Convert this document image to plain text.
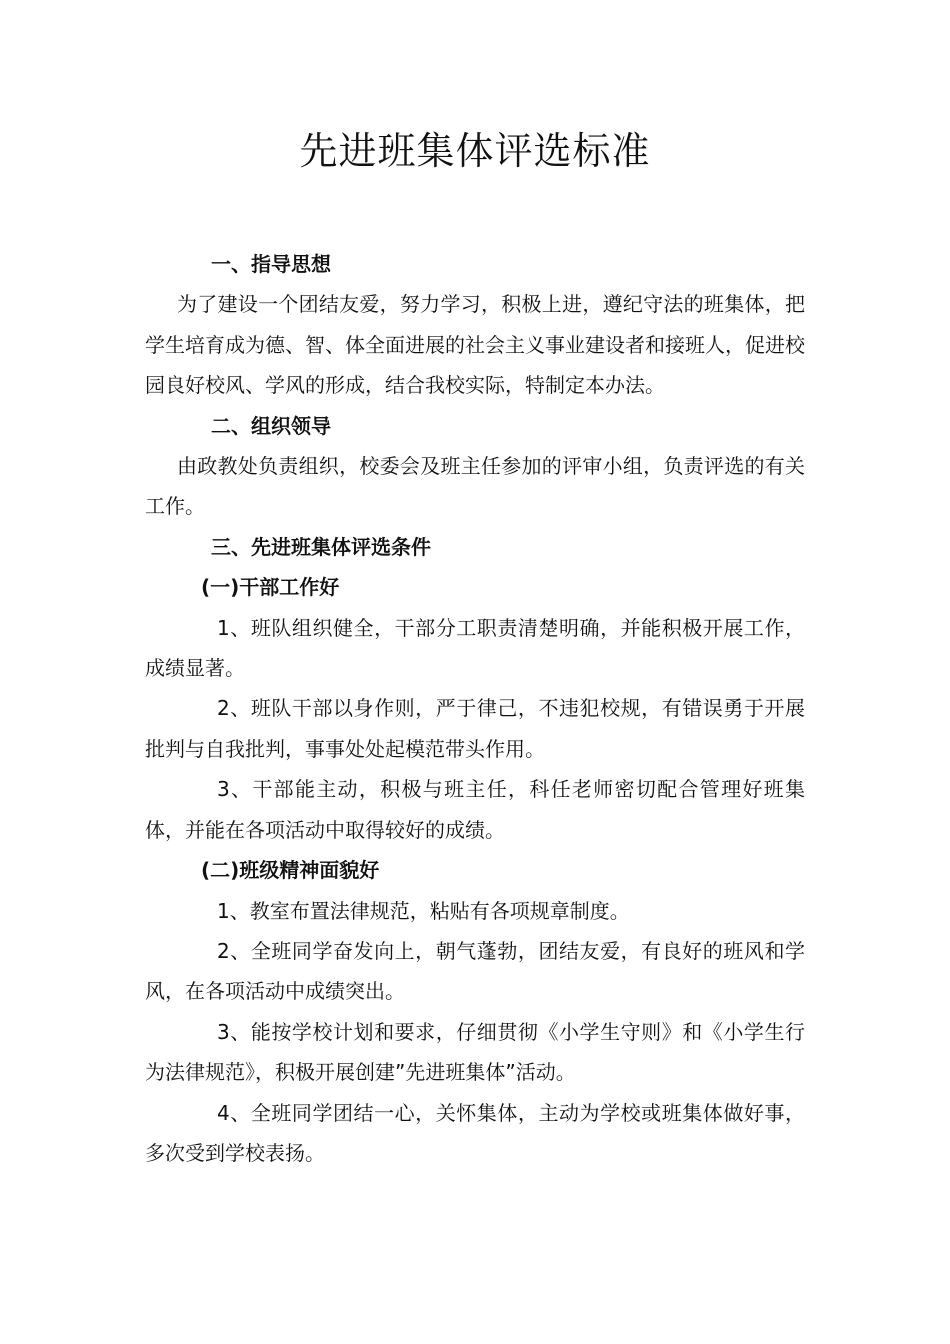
先进班集体评选标准

一、指导思想

为了建设一个团结友爱，努力学习，积极上进，遵纪守法的班集体，把学生培育成为德、智、体全面进展的社会主义事业建设者和接班人，促进校园良好校风、学风的形成，结合我校实际，特制定本办法。

二、组织领导

由政教处负责组织，校委会及班主任参加的评审小组，负责评选的有关工作。

三、先进班集体评选条件

(一)干部工作好

1、班队组织健全，干部分工职责清楚明确，并能积极开展工作，成绩显著。

2、班队干部以身作则，严于律己，不违犯校规，有错误勇于开展批判与自我批判，事事处处起模范带头作用。

3、干部能主动，积极与班主任，科任老师密切配合管理好班集体，并能在各项活动中取得较好的成绩。

(二)班级精神面貌好

1、教室布置法律规范，粘贴有各项规章制度。

2、全班同学奋发向上，朝气蓬勃，团结友爱，有良好的班风和学风，在各项活动中成绩突出。

3、能按学校计划和要求，仔细贯彻《小学生守则》和《小学生行为法律规范》，积极开展创建”先进班集体”活动。

4、全班同学团结一心，关怀集体，主动为学校或班集体做好事，多次受到学校表扬。
